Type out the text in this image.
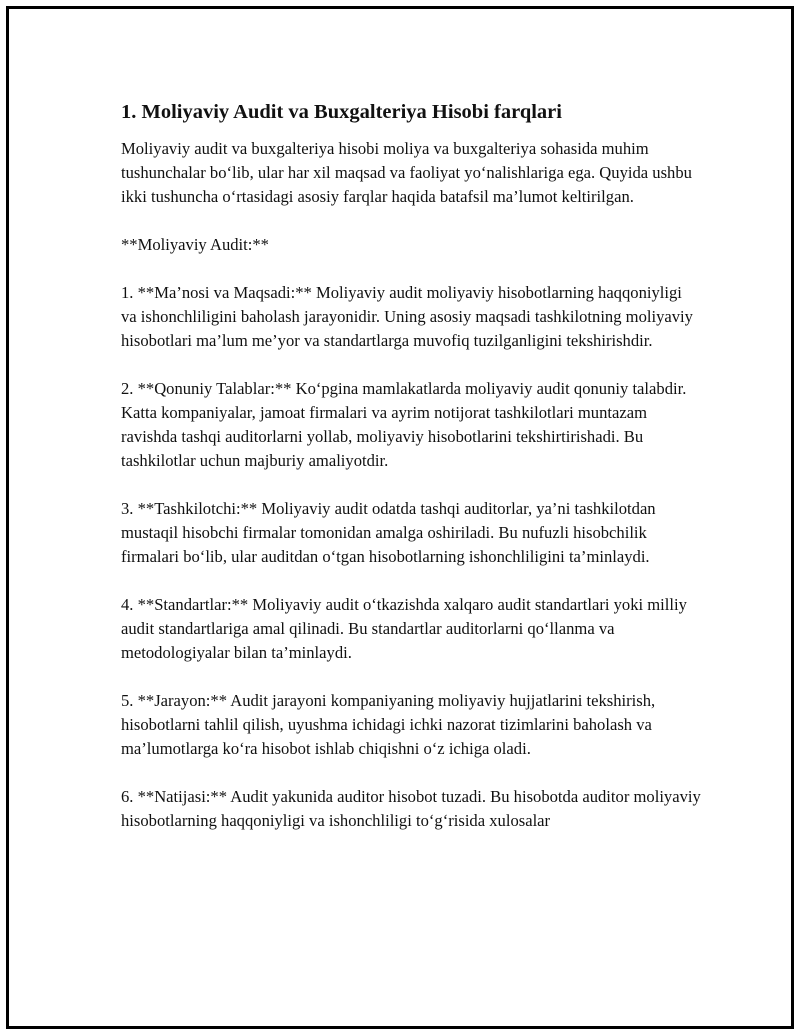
1. Moliyaviy Audit va Buxgalteriya Hisobi farqlari

Moliyaviy audit va buxgalteriya hisobi moliya va buxgalteriya sohasida muhim tushunchalar bo‘lib, ular har xil maqsad va faoliyat yo‘nalishlariga ega. Quyida ushbu ikki tushuncha o‘rtasidagi asosiy farqlar haqida batafsil ma’lumot keltirilgan.

**Moliyaviy Audit:**

1. **Ma’nosi va Maqsadi:** Moliyaviy audit moliyaviy hisobotlarning haqqoniyligi va ishonchliligini baholash jarayonidir. Uning asosiy maqsadi tashkilotning moliyaviy hisobotlari ma’lum me’yor va standartlarga muvofiq tuzilganligini tekshirishdir.

2. **Qonuniy Talablar:** Ko‘pgina mamlakatlarda moliyaviy audit qonuniy talabdir. Katta kompaniyalar, jamoat firmalari va ayrim notijorat tashkilotlari muntazam ravishda tashqi auditorlarni yollab, moliyaviy hisobotlarini tekshirtirishadi. Bu tashkilotlar uchun majburiy amaliyotdir.

3. **Tashkilotchi:** Moliyaviy audit odatda tashqi auditorlar, ya’ni tashkilotdan mustaqil hisobchi firmalar tomonidan amalga oshiriladi. Bu nufuzli hisobchilik firmalari bo‘lib, ular auditdan o‘tgan hisobotlarning ishonchliligini ta’minlaydi.

4. **Standartlar:** Moliyaviy audit o‘tkazishda xalqaro audit standartlari yoki milliy audit standartlariga amal qilinadi. Bu standartlar auditorlarni qo‘llanma va metodologiyalar bilan ta’minlaydi.

5. **Jarayon:** Audit jarayoni kompaniyaning moliyaviy hujjatlarini tekshirish, hisobotlarni tahlil qilish, uyushma ichidagi ichki nazorat tizimlarini baholash va ma’lumotlarga ko‘ra hisobot ishlab chiqishni o‘z ichiga oladi.

6. **Natijasi:** Audit yakunida auditor hisobot tuzadi. Bu hisobotda auditor moliyaviy hisobotlarning haqqoniyligi va ishonchliligi to‘g‘risida xulosalar
